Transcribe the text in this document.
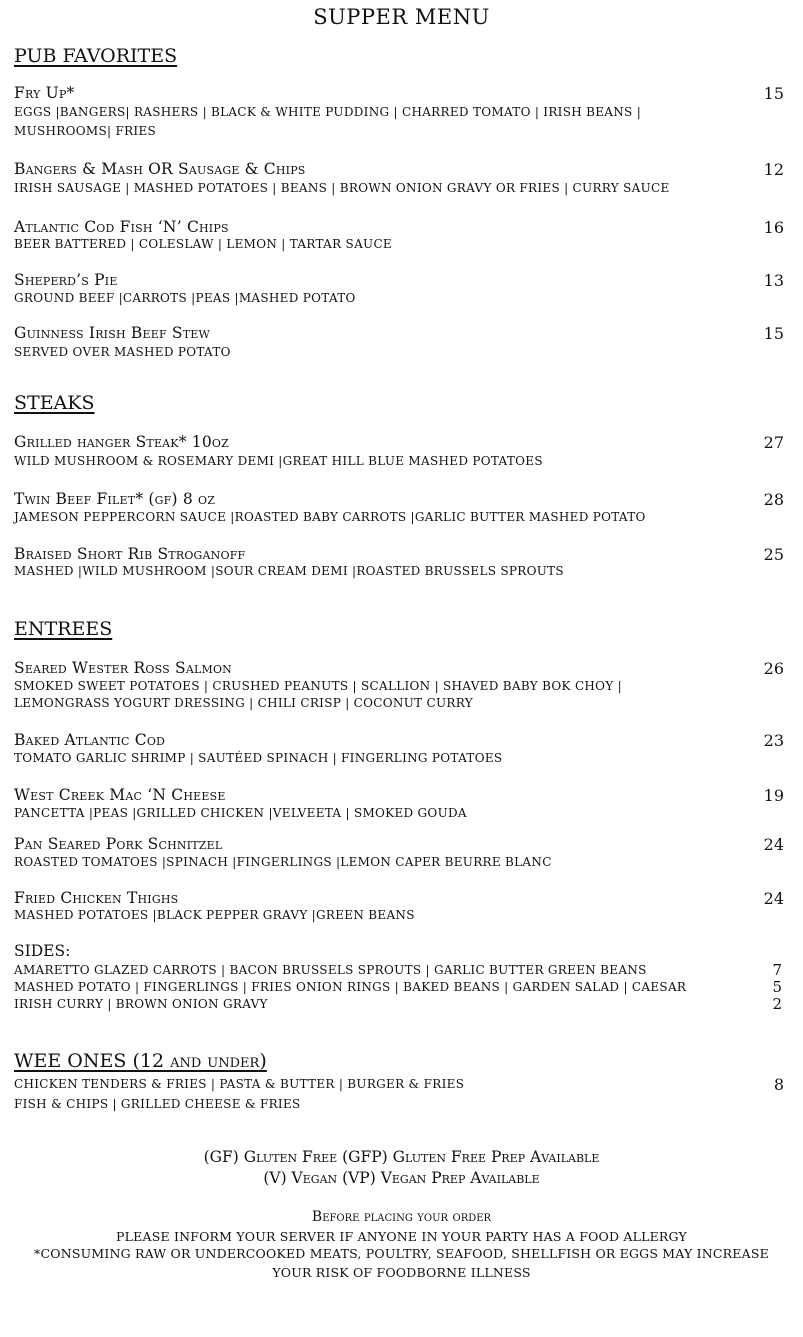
SUPPER MENU
PUB FAVORITES
Fry Up*	15
EGGS |BANGERS| RASHERS | BLACK & WHITE PUDDING | CHARRED TOMATO | IRISH BEANS |
MUSHROOMS| FRIES
Bangers & Mash OR Sausage & Chips	12
IRISH SAUSAGE | MASHED POTATOES | BEANS | BROWN ONION GRAVY OR FRIES | CURRY SAUCE
Atlantic Cod Fish ‘N’ Chips	16
BEER BATTERED | COLESLAW | LEMON | TARTAR SAUCE
Sheperd’s Pie	13
GROUND BEEF |CARROTS |PEAS |MASHED POTATO
Guinness Irish Beef Stew	15
SERVED OVER MASHED POTATO
STEAKS
Grilled hanger Steak* 10oz	27
WILD MUSHROOM & ROSEMARY DEMI |GREAT HILL BLUE MASHED POTATOES
Twin Beef Filet* (gf) 8 oz	28
JAMESON PEPPERCORN SAUCE |ROASTED BABY CARROTS |GARLIC BUTTER MASHED POTATO
Braised Short Rib Stroganoff	25
MASHED |WILD MUSHROOM |SOUR CREAM DEMI |ROASTED BRUSSELS SPROUTS
ENTREES
Seared Wester Ross Salmon	26
SMOKED SWEET POTATOES | CRUSHED PEANUTS | SCALLION | SHAVED BABY BOK CHOY |
LEMONGRASS YOGURT DRESSING | CHILI CRISP | COCONUT CURRY
Baked Atlantic Cod	23
TOMATO GARLIC SHRIMP | SAUTÉED SPINACH | FINGERLING POTATOES
West Creek Mac ‘N Cheese	19
PANCETTA |PEAS |GRILLED CHICKEN |VELVEETA | SMOKED GOUDA
Pan Seared Pork Schnitzel	24
ROASTED TOMATOES |SPINACH |FINGERLINGS |LEMON CAPER BEURRE BLANC
Fried Chicken Thighs	24
MASHED POTATOES |BLACK PEPPER GRAVY |GREEN BEANS
SIDES:
AMARETTO GLAZED CARROTS | BACON BRUSSELS SPROUTS | GARLIC BUTTER GREEN BEANS	7
MASHED POTATO | FINGERLINGS | FRIES ONION RINGS | BAKED BEANS | GARDEN SALAD | CAESAR	5
IRISH CURRY | BROWN ONION GRAVY	2
WEE ONES (12 and under)
CHICKEN TENDERS & FRIES | PASTA & BUTTER | BURGER & FRIES	8
FISH & CHIPS | GRILLED CHEESE & FRIES
(GF) Gluten Free (GFP) Gluten Free Prep Available
(V) Vegan (VP) Vegan Prep Available
Before placing your order
PLEASE INFORM YOUR SERVER IF ANYONE IN YOUR PARTY HAS A FOOD ALLERGY
*CONSUMING RAW OR UNDERCOOKED MEATS, POULTRY, SEAFOOD, SHELLFISH OR EGGS MAY INCREASE
YOUR RISK OF FOODBORNE ILLNESS
